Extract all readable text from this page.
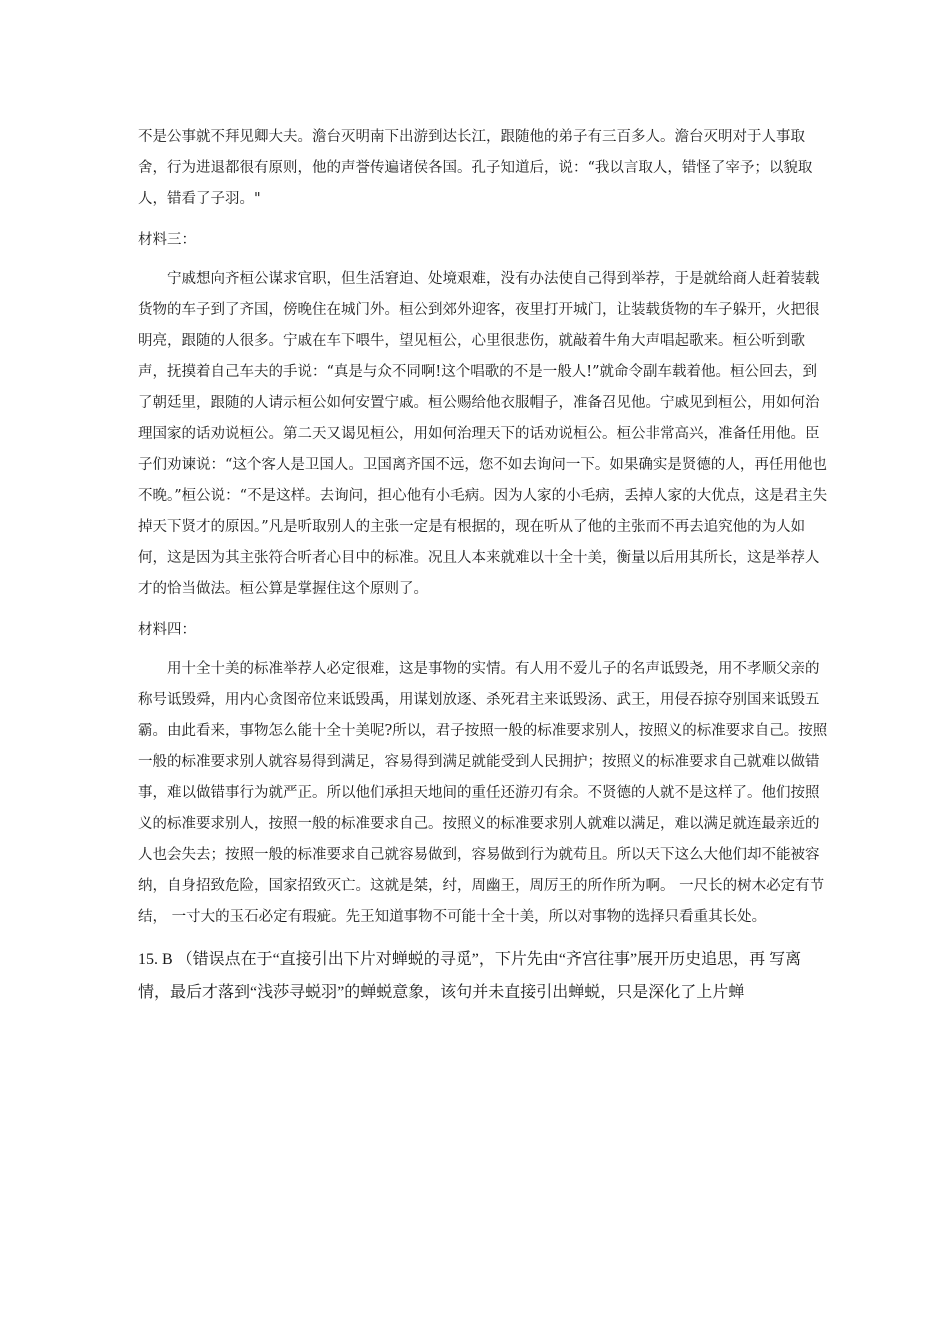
不是公事就不拜见卿大夫。澹台灭明南下出游到达长江，跟随他的弟子有三百多人。澹台灭明对于人事取舍，行为进退都很有原则，他的声誉传遍诸侯各国。孔子知道后，说：“我以言取人，错怪了宰予；以貌取人，错看了子羽。"

材料三：

宁戚想向齐桓公谋求官职，但生活窘迫、处境艰难，没有办法使自己得到举荐，于是就给商人赶着装载货物的车子到了齐国，傍晚住在城门外。桓公到郊外迎客，夜里打开城门，让装载货物的车子躲开，火把很明亮，跟随的人很多。宁戚在车下喂牛，望见桓公，心里很悲伤，就敲着牛角大声唱起歌来。桓公听到歌声，抚摸着自己车夫的手说：“真是与众不同啊!这个唱歌的不是一般人!”就命令副车载着他。桓公回去，到了朝廷里，跟随的人请示桓公如何安置宁戚。桓公赐给他衣服帽子，准备召见他。宁戚见到桓公，用如何治理国家的话劝说桓公。第二天又谒见桓公，用如何治理天下的话劝说桓公。桓公非常高兴，准备任用他。臣子们劝谏说：“这个客人是卫国人。卫国离齐国不远，您不如去询问一下。如果确实是贤德的人，再任用他也不晚。”桓公说：“不是这样。去询问，担心他有小毛病。因为人家的小毛病，丢掉人家的大优点，这是君主失掉天下贤才的原因。”凡是听取别人的主张一定是有根据的，现在听从了他的主张而不再去追究他的为人如何，这是因为其主张符合听者心目中的标准。况且人本来就难以十全十美，衡量以后用其所长，这是举荐人才的恰当做法。桓公算是掌握住这个原则了。

材料四：

用十全十美的标准举荐人必定很难，这是事物的实情。有人用不爱儿子的名声诋毁尧，用不孝顺父亲的称号诋毁舜，用内心贪图帝位来诋毁禹，用谋划放逐、杀死君主来诋毁汤、武王，用侵吞掠夺别国来诋毁五霸。由此看来，事物怎么能十全十美呢?所以，君子按照一般的标准要求别人，按照义的标准要求自己。按照一般的标准要求别人就容易得到满足，容易得到满足就能受到人民拥护；按照义的标准要求自己就难以做错事，难以做错事行为就严正。所以他们承担天地间的重任还游刃有余。不贤德的人就不是这样了。他们按照义的标准要求别人，按照一般的标准要求自己。按照义的标准要求别人就难以满足，难以满足就连最亲近的人也会失去；按照一般的标准要求自己就容易做到，容易做到行为就苟且。所以天下这么大他们却不能被容纳，自身招致危险，国家招致灭亡。这就是桀，纣，周幽王，周厉王的所作所为啊。 一尺长的树木必定有节结， 一寸大的玉石必定有瑕疵。先王知道事物不可能十全十美，所以对事物的选择只看重其长处。

15. B （错误点在于“直接引出下片对蝉蜕的寻觅”，下片先由“齐宫往事”展开历史追思，再 写离情，最后才落到“浅莎寻蜕羽”的蝉蜕意象，该句并未直接引出蝉蜕，只是深化了上片蝉
